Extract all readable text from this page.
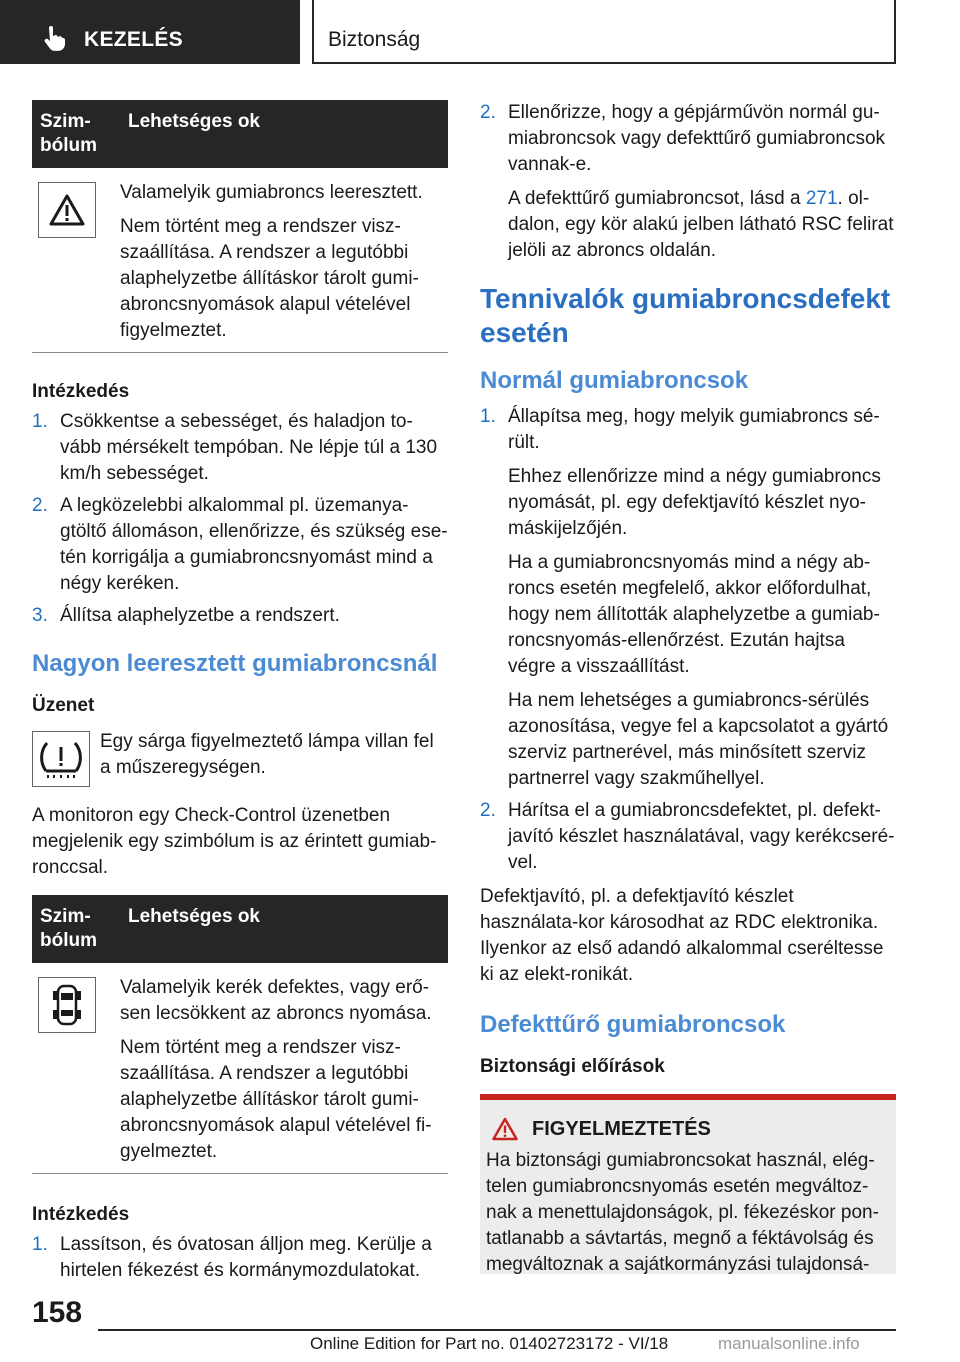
KEZELÉS	Biztonság
Szim-
bólum	Lehetséges ok

Valamelyik gumiabroncs leeresztett.
Nem történt meg a rendszer visz-szaállítása. A rendszer a legutóbbi alaphelyzetbe állításkor tárolt gumi-abroncsnyomások alapul vételével figyelmeztet.
Intézkedés
1. Csökkentse a sebességet, és haladjon to-vább mérsékelt tempóban. Ne lépje túl a 130 km/h sebességet.
2. A legközelebbi alkalommal pl. üzemanya-gtöltő állomáson, ellenőrizze, és szükség ese-tén korrigálja a gumiabroncsnyomást mind a négy keréken.
3. Állítsa alaphelyzetbe a rendszert.
Nagyon leeresztett gumiabroncsnál
Üzenet
Egy sárga figyelmeztető lámpa villan fel a műszeregységen.
A monitoron egy Check-Control üzenetben megjelenik egy szimbólum is az érintett gumiab-ronccsal.
Szim-
bólum	Lehetséges ok

Valamelyik kerék defektes, vagy erő-sen lecsökkent az abroncs nyomása.
Nem történt meg a rendszer visz-szaállítása. A rendszer a legutóbbi alaphelyzetbe állításkor tárolt gumi-abroncsnyomások alapul vételével fi-gyelmeztet.
Intézkedés
1. Lassítson, és óvatosan álljon meg. Kerülje a hirtelen fékezést és kormánymozdulatokat.
2. Ellenőrizze, hogy a gépjárművön normál gu-miabroncsok vagy defekttűrő gumiabroncsok vannak-e.
A defekttűrő gumiabroncsot, lásd a 271. ol-dalon, egy kör alakú jelben látható RSC felirat jelöli az abroncs oldalán.
Tennivalók gumiabroncsdefekt esetén
Normál gumiabroncsok
1. Állapítsa meg, hogy melyik gumiabroncs sé-rült.
Ehhez ellenőrizze mind a négy gumiabroncs nyomását, pl. egy defektjavító készlet nyo-máskijelzőjén.
Ha a gumiabroncsnyomás mind a négy ab-roncs esetén megfelelő, akkor előfordulhat, hogy nem állították alaphelyzetbe a gumiab-roncsnyomás-ellenőrzést. Ezután hajtsa végre a visszaállítást.
Ha nem lehetséges a gumiabroncs-sérülés azonosítása, vegye fel a kapcsolatot a gyártó szerviz partnerével, más minősített szerviz partnerrel vagy szakműhellyel.
2. Hárítsa el a gumiabroncsdefektet, pl. defekt-javító készlet használatával, vagy kerékcseré-vel.
Defektjavító, pl. a defektjavító készlet használata-kor károsodhat az RDC elektronika. Ilyenkor az első adandó alkalommal cseréltesse ki az elekt-ronikát.
Defekttűrő gumiabroncsok
Biztonsági előírások
FIGYELMEZTETÉS
Ha biztonsági gumiabroncsokat használ, elég-telen gumiabroncsnyomás esetén megváltoz-nak a menettulajdonságok, pl. fékezéskor pon-tatlanabb a sávtartás, megnő a féktávolság és megváltoznak a sajátkormányzási tulajdonsá-
158
Online Edition for Part no. 01402723172 - VI/18	manualsonline.info
